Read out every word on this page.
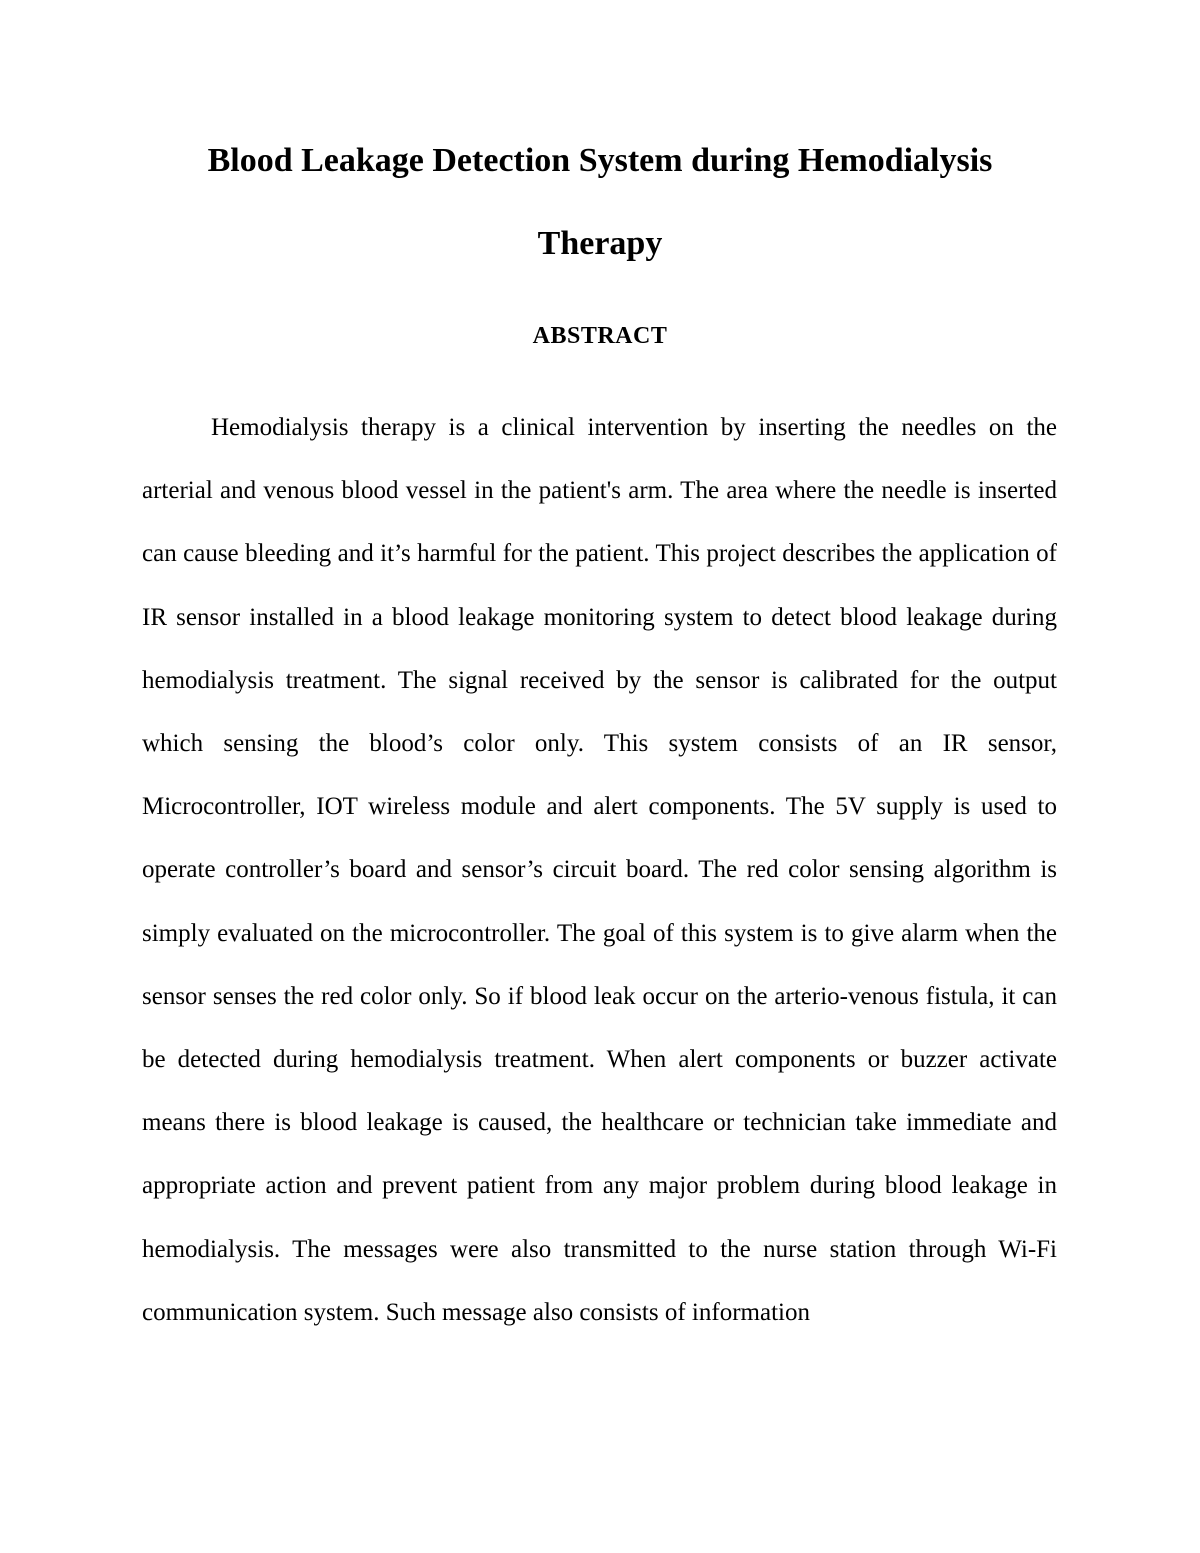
Blood Leakage Detection System during Hemodialysis
Therapy
ABSTRACT

Hemodialysis therapy is a clinical intervention by inserting the needles on the arterial and venous blood vessel in the patient's arm. The area where the needle is inserted can cause bleeding and it’s harmful for the patient. This project describes the application of IR sensor installed in a blood leakage monitoring system to detect blood leakage during hemodialysis treatment. The signal received by the sensor is calibrated for the output which sensing the blood’s color only. This system consists of an IR sensor, Microcontroller, IOT wireless module and alert components. The 5V supply is used to operate controller’s board and sensor’s circuit board. The red color sensing algorithm is simply evaluated on the microcontroller. The goal of this system is to give alarm when the sensor senses the red color only. So if blood leak occur on the arterio-venous fistula, it can be detected during hemodialysis treatment. When alert components or buzzer activate means there is blood leakage is caused, the healthcare or technician take immediate and appropriate action and prevent patient from any major problem during blood leakage in hemodialysis. The messages were also transmitted to the nurse station through Wi-Fi communication system. Such message also consists of information
